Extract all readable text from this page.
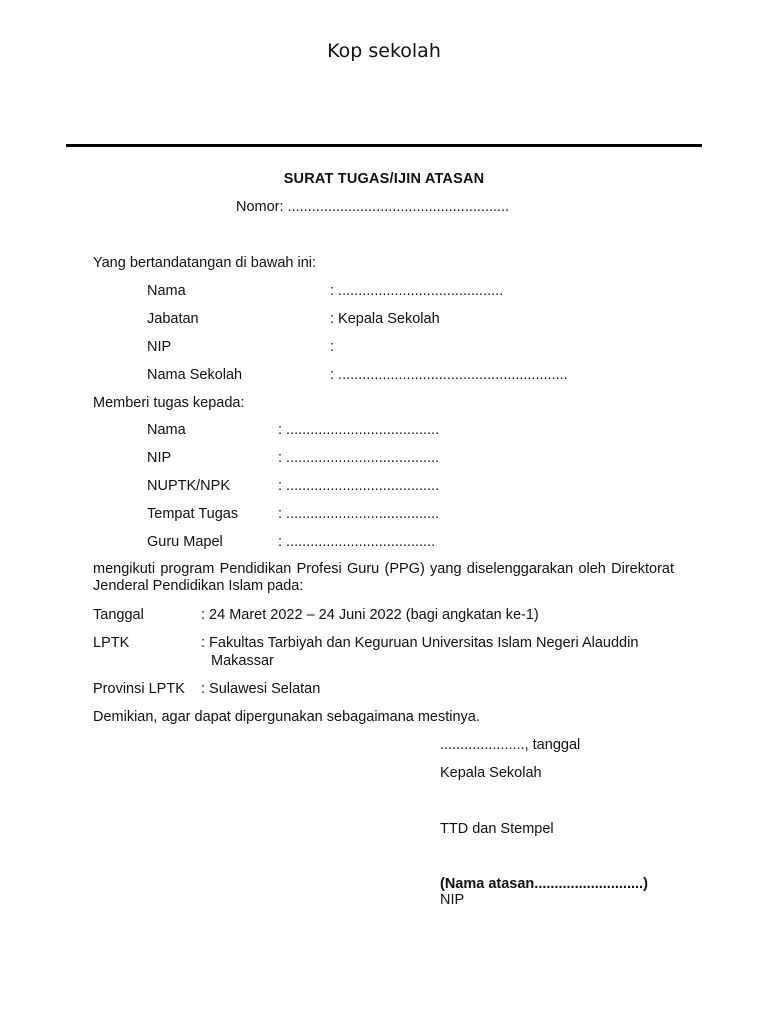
Kop sekolah
SURAT TUGAS/IJIN ATASAN
Nomor: .......................................................
Yang bertandatangan di bawah ini:
Nama	: .........................................
Jabatan	: Kepala Sekolah
NIP	:
Nama Sekolah	: .........................................................
Memberi tugas kepada:
Nama	: ......................................
NIP	: ......................................
NUPTK/NPK	: ......................................
Tempat Tugas	: ......................................
Guru Mapel	: .....................................
mengikuti program Pendidikan Profesi Guru (PPG) yang diselenggarakan oleh Direktorat Jenderal Pendidikan Islam pada:
Tanggal	: 24 Maret 2022 – 24 Juni 2022 (bagi angkatan ke-1)
LPTK	: Fakultas Tarbiyah dan Keguruan Universitas Islam Negeri Alauddin
Makassar
Provinsi LPTK : Sulawesi Selatan
Demikian, agar dapat dipergunakan sebagaimana mestinya.
....................., tanggal
Kepala Sekolah
TTD dan Stempel
(Nama atasan...........................)
NIP
